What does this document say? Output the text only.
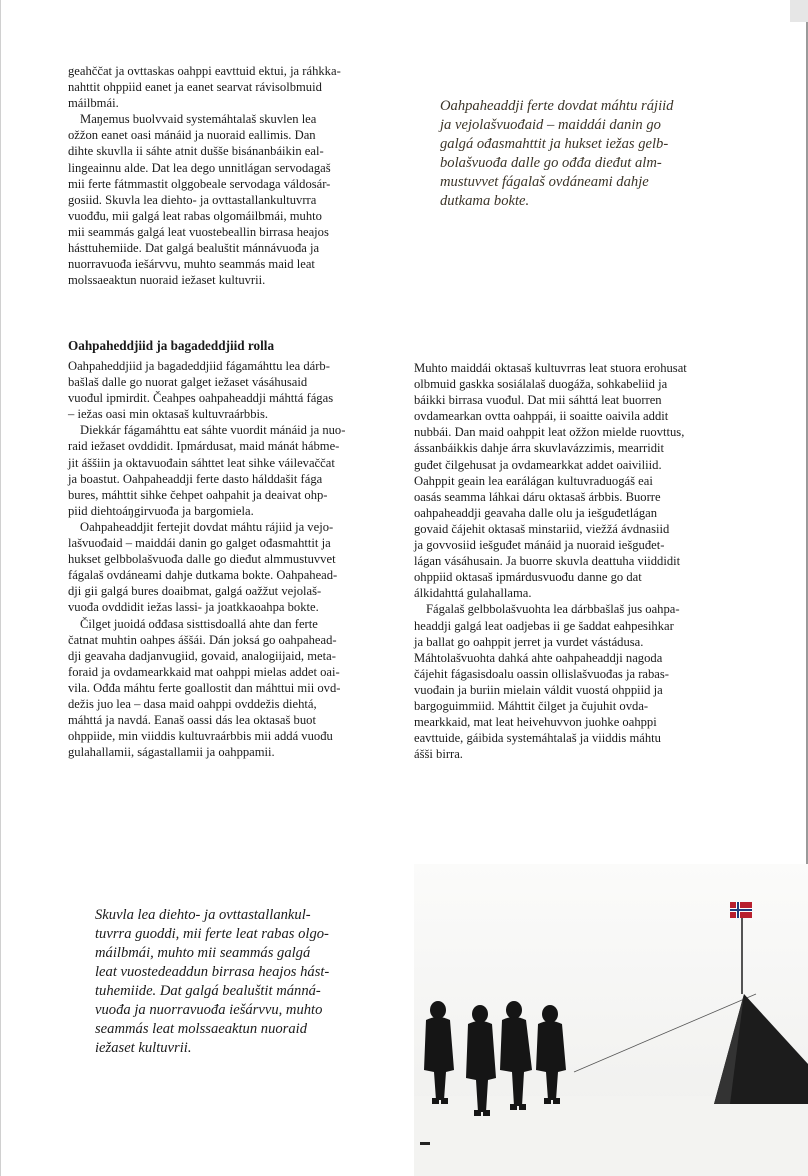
geahččat ja ovttaskas oahppi eavttuid ektui, ja ráhkka-
nahttit ohppiid eanet ja eanet searvat rávisolbmuid
máilbmái.

Maŋemus buolvvaid systemáhtalaš skuvlen lea
ožžon eanet oasi mánáid ja nuoraid eallimis. Dan
dihte skuvlla ii sáhte atnit dušše bisánanbáikin eal-
lingeainnu alde. Dat lea dego unnitlágan servodagaš
mii ferte fátmmastit olggobeale servodaga váldosár-
gosiid. Skuvla lea diehto- ja ovttastallankultuvrra
vuođđu, mii galgá leat rabas olgomáilbmái, muhto
mii seammás galgá leat vuostebeallin birrasa heajos
hásttuhemiide. Dat galgá bealuštit mánnávuođa ja
nuorravuođa iešárvvu, muhto seammás maid leat
molssaeaktun nuoraid iežaset kultuvrii.

Oahpaheddjiid ja bagadeddjiid rolla

Oahpaheddjiid ja bagadeddjiid fágamáhttu lea dárb-
bašlaš dalle go nuorat galget iežaset vásáhusaid
vuođul ipmirdit. Čeahpes oahpaheaddji máhttá fágas
– iežas oasi min oktasaš kultuvraárbbis.

Diekkár fágamáhttu eat sáhte vuordit mánáid ja nuo-
raid iežaset ovddidit. Ipmárdusat, maid mánát hábme-
jit áššiin ja oktavuođain sáhttet leat sihke váilevaččat
ja boastut. Oahpaheaddji ferte dasto hálddašit fága
bures, máhttit sihke čehpet oahpahit ja deaivat ohp-
piid diehtoáŋgirvuođa ja bargomiela.

Oahpaheaddjit fertejit dovdat máhtu rájiid ja vejo-
lašvuođaid – maiddái danin go galget ođasmahttit ja
hukset gelbbolašvuođa dalle go dieđut almmustuvvet
fágalaš ovdáneami dahje dutkama bokte. Oahpahead-
dji gii galgá bures doaibmat, galgá oažžut vejolaš-
vuođa ovddidit iežas lassi- ja joatkkaoahpa bokte.

Čilget juoidá ođđasa sisttisdoallá ahte dan ferte
čatnat muhtin oahpes áššái. Dán joksá go oahpahead-
dji geavaha dadjanvugiid, govaid, analogiijaid, meta-
foraid ja ovdamearkkaid mat oahppi mielas addet oai-
vila. Ođđa máhtu ferte goallostit dan máhttui mii ovd-
dežis juo lea – dasa maid oahppi ovddežis diehtá,
máhttá ja navdá. Eanaš oassi dás lea oktasaš buot
ohppiide, min viiddis kultuvraárbbis mii addá vuođu
gulahallamii, ságastallamii ja oahppamii.

Oahpaheaddji ferte dovdat máhtu rájiid
ja vejolašvuođaid – maiddái danin go
galgá ođasmahttit ja hukset iežas gelb-
bolašvuođa dalle go ođđa dieđut alm-
mustuvvet fágalaš ovdáneami dahje
dutkama bokte.

Muhto maiddái oktasaš kultuvrras leat stuora erohusat
olbmuid gaskka sosiálalaš duogáža, sohkabeliid ja
báikki birrasa vuođul. Dat mii sáhttá leat buorren
ovdamearkan ovtta oahppái, ii soaitte oaivila addit
nubbái. Dan maid oahppit leat ožžon mielde ruovttus,
ássanbáikkis dahje árra skuvlavázzimis, mearridit
guđet čilgehusat ja ovdamearkkat addet oaiviliid.
Oahppit geain lea earálágan kultuvraduogáš eai
oasás seamma láhkai dáru oktasaš árbbis. Buorre
oahpaheaddji geavaha dalle olu ja iešguđetlágan
govaid čájehit oktasaš minstariid, viežžá ávdnasiid
ja govvosiid iešguđet mánáid ja nuoraid iešguđet-
lágan vásáhusain. Ja buorre skuvla deattuha viiddidit
ohppiid oktasaš ipmárdusvuođu danne go dat
álkidahttá gulahallama.

Fágalaš gelbbolašvuohta lea dárbbašlaš jus oahpa-
headdji galgá leat oadjebas ii ge šaddat eahpesihkar
ja ballat go oahppit jerret ja vurdet vástádusa.
Máhtolašvuohta dahká ahte oahpaheaddji nagoda
čájehit fágasisdoalu oassin ollislašvuođas ja rabas-
vuođain ja buriin mielain váldit vuostá ohppiid ja
bargoguimmiid. Máhttit čilget ja čujuhit ovda-
mearkkaid, mat leat heivehuvvon juohke oahppi
eavttuide, gáibida systemáhtalaš ja viiddis máhtu
ášši birra.

Skuvla lea diehto- ja ovttastallankul-
tuvrra guoddi, mii ferte leat rabas olgo-
máilbmái, muhto mii seammás galgá
leat vuostedeaddun birrasa heajos hást-
tuhemiide. Dat galgá bealuštit mánná-
vuođa ja nuorravuođa iešárvvu, muhto
seammás leat molssaeaktun nuoraid
iežaset kultuvrii.
